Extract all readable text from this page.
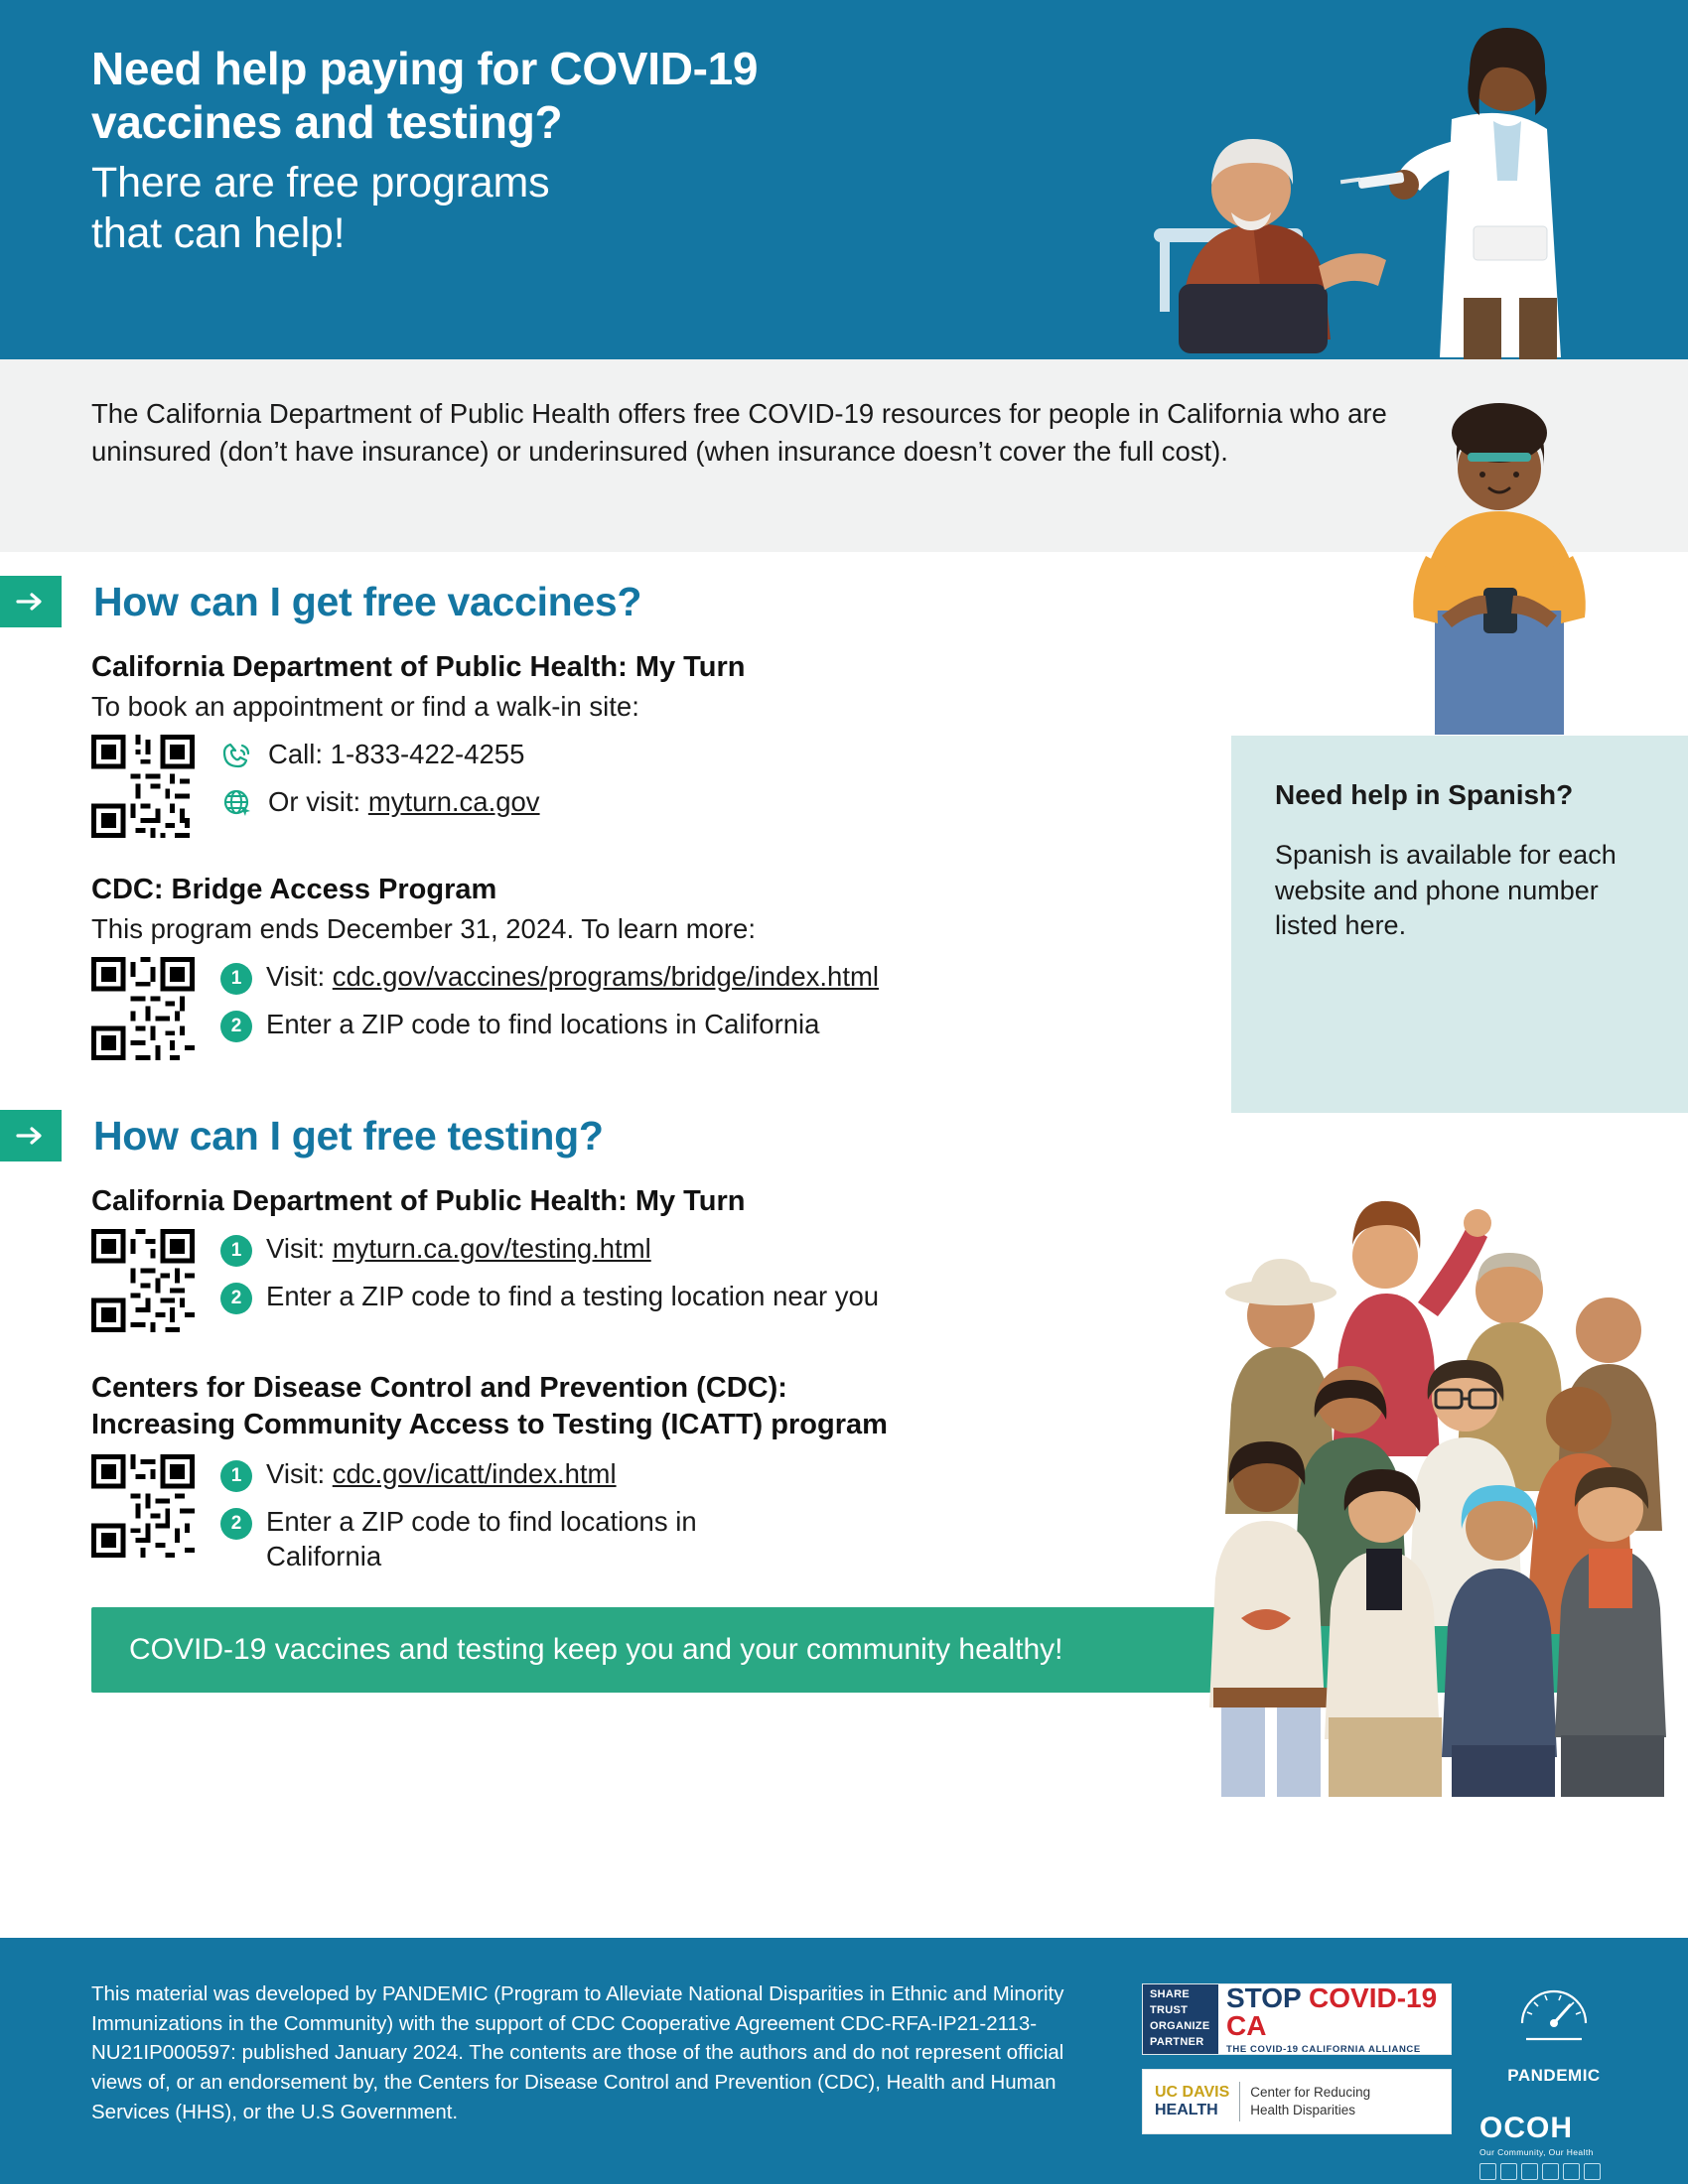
Need help paying for COVID-19
vaccines and testing?
There are free programs
that can help!

The California Department of Public Health offers free COVID-19 resources for people in California who are uninsured (don’t have insurance) or underinsured (when insurance doesn’t cover the full cost).

How can I get free vaccines?
California Department of Public Health: My Turn
To book an appointment or find a walk-in site:
Call: 1-833-422-4255
Or visit: myturn.ca.gov
CDC: Bridge Access Program
This program ends December 31, 2024. To learn more:
1 Visit: cdc.gov/vaccines/programs/bridge/index.html
2 Enter a ZIP code to find locations in California
How can I get free testing?
California Department of Public Health: My Turn
1 Visit: myturn.ca.gov/testing.html
2 Enter a ZIP code to find a testing location near you
Centers for Disease Control and Prevention (CDC): Increasing Community Access to Testing (ICATT) program
1 Visit: cdc.gov/icatt/index.html
2 Enter a ZIP code to find locations in California
COVID-19 vaccines and testing keep you and your community healthy!

Need help in Spanish?

Spanish is available for each website and phone number listed here.

This material was developed by PANDEMIC (Program to Alleviate National Disparities in Ethnic and Minority Immunizations in the Community) with the support of CDC Cooperative Agreement CDC-RFA-IP21-2113-NU21IP000597: published January 2024. The contents are those of the authors and do not represent official views of, or an endorsement by, the Centers for Disease Control and Prevention (CDC), Health and Human Services (HHS), or the U.S Government.

SHARE
TRUST
ORGANIZE
PARTNER
STOP COVID-19 CA
THE COVID-19 CALIFORNIA ALLIANCE
UC DAVIS
HEALTH
Center for Reducing
Health Disparities
PANDEMIC
OCOH
Our Community, Our Health
